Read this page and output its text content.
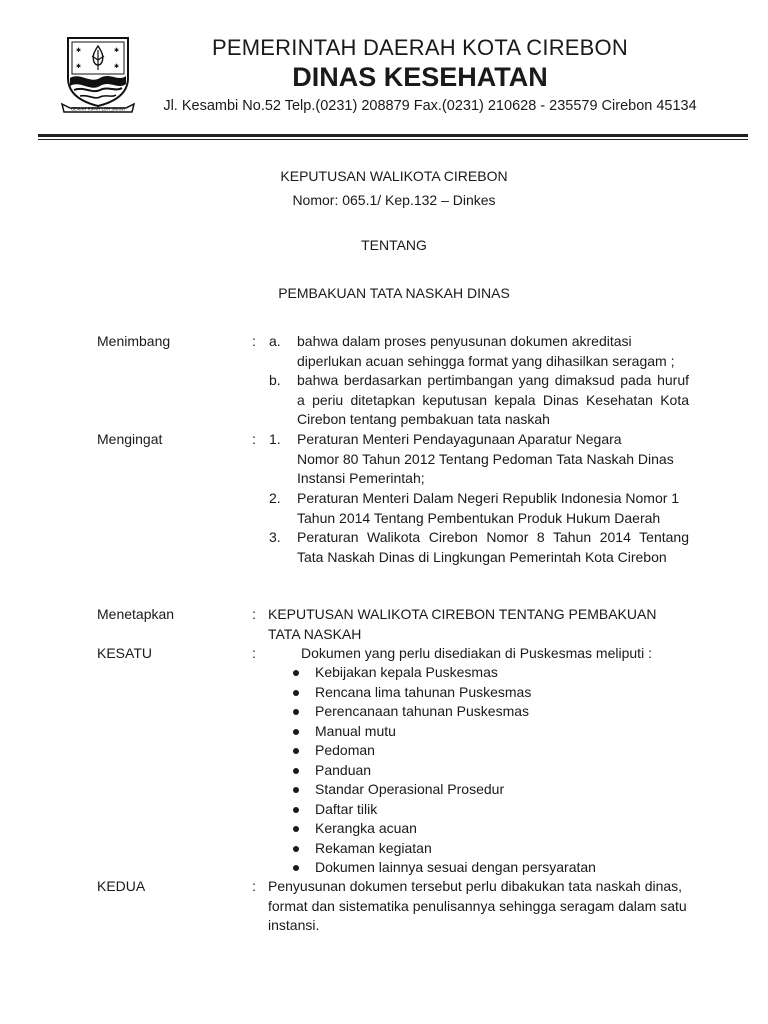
✱	✱
✱	✱
GEMAH RIPAH LOH JINAWI
PEMERINTAH DAERAH KOTA CIREBON
DINAS KESEHATAN
Jl. Kesambi No.52 Telp.(0231) 208879 Fax.(0231) 210628 - 235579 Cirebon 45134
KEPUTUSAN WALIKOTA CIREBON
Nomor: 065.1/ Kep.132 – Dinkes
TENTANG
PEMBAKUAN TATA NASKAH DINAS
Menimbang	: a. bahwa dalam proses penyusunan dokumen akreditasi
diperlukan acuan sehingga format yang dihasilkan seragam ;
b. bahwa berdasarkan pertimbangan yang dimaksud pada huruf
a periu ditetapkan keputusan kepala Dinas Kesehatan Kota
Cirebon tentang pembakuan tata naskah
Mengingat	: 1. Peraturan Menteri Pendayagunaan Aparatur Negara
Nomor 80 Tahun 2012 Tentang Pedoman Tata Naskah Dinas
Instansi Pemerintah;
2. Peraturan Menteri Dalam Negeri Republik Indonesia Nomor 1
Tahun 2014 Tentang Pembentukan Produk Hukum Daerah
3. Peraturan Walikota Cirebon Nomor 8 Tahun 2014 Tentang
Tata Naskah Dinas di Lingkungan Pemerintah Kota Cirebon
Menetapkan	: KEPUTUSAN WALIKOTA CIREBON TENTANG PEMBAKUAN
TATA NASKAH
KESATU	:	Dokumen yang perlu disediakan di Puskesmas meliputi :
Kebijakan kepala Puskesmas
Rencana lima tahunan Puskesmas
Perencanaan tahunan Puskesmas
Manual mutu
Pedoman
Panduan
Standar Operasional Prosedur
Daftar tilik
Kerangka acuan
Rekaman kegiatan
Dokumen lainnya sesuai dengan persyaratan
KEDUA	: Penyusunan dokumen tersebut perlu dibakukan tata naskah dinas,
format dan sistematika penulisannya sehingga seragam dalam satu
instansi.
